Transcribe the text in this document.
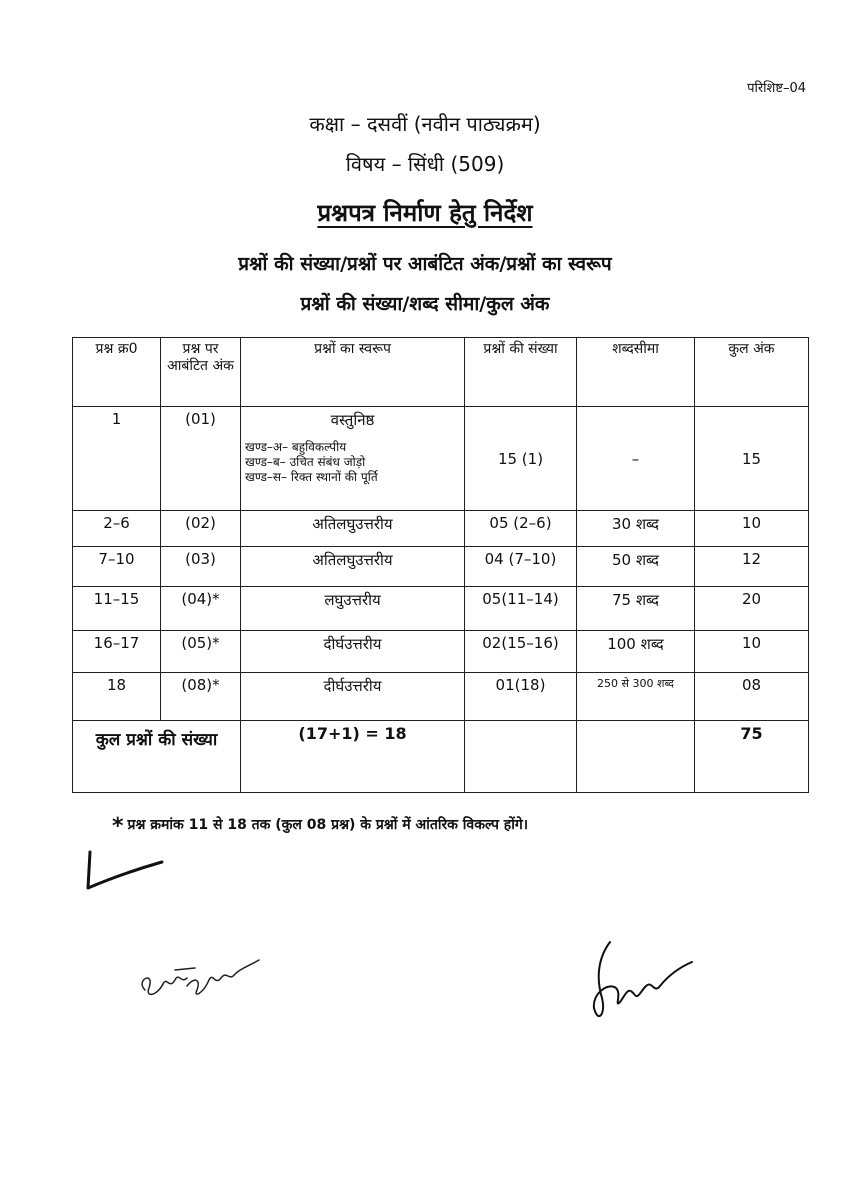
परिशिष्ट–04
कक्षा – दसवीं (नवीन पाठ्यक्रम)
विषय – सिंधी (509)
प्रश्नपत्र निर्माण हेतु निर्देश
प्रश्नों की संख्या/प्रश्नों पर आबंटित अंक/प्रश्नों का स्वरूप
प्रश्नों की संख्या/शब्द सीमा/कुल अंक
प्रश्न क्र0	प्रश्न पर आबंटित अंक	प्रश्नों का स्वरूप	प्रश्नों की संख्या	शब्दसीमा	कुल अंक
1	(01)	वस्तुनिष्ठ
खण्ड–अ– बहुविकल्पीय
खण्ड–ब– उचित संबंध जोड़ो
खण्ड–स– रिक्त स्थानों की पूर्ति	15 (1)	–	15
2–6	(02)	अतिलघुउत्तरीय	05 (2–6)	30 शब्द	10
7–10	(03)	अतिलघुउत्तरीय	04 (7–10)	50 शब्द	12
11–15	(04)*	लघुउत्तरीय	05(11–14)	75 शब्द	20
16–17	(05)*	दीर्घउत्तरीय	02(15–16)	100 शब्द	10
18	(08)*	दीर्घउत्तरीय	01(18)	250 से 300 शब्द	08
कुल प्रश्नों की संख्या		(17+1) = 18			75
* प्रश्न क्रमांक 11 से 18 तक (कुल 08 प्रश्न) के प्रश्नों में आंतरिक विकल्प होंगे।
